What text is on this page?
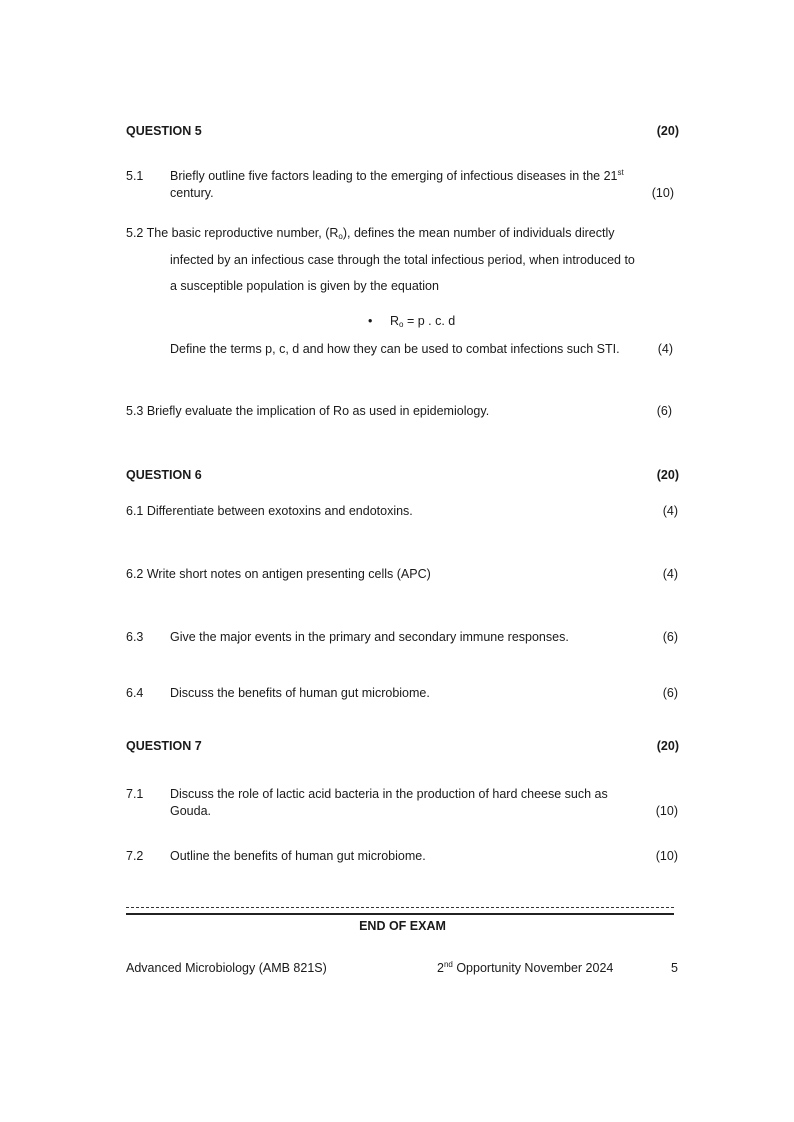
QUESTION 5	(20)
5.1 Briefly outline five factors leading to the emerging of infectious diseases in the 21st
century.	(10)
5.2 The basic reproductive number, $(R_o)$, defines the mean number of individuals directly
infected by an infectious case through the total infectious period, when introduced to
a susceptible population is given by the equation
• $R_o = p$ . c. d
Define the terms p, c, d and how they can be used to combat infections such STI.	(4)
5.3 Briefly evaluate the implication of Ro as used in epidemiology.	(6)
QUESTION 6	(20)
6.1 Differentiate between exotoxins and endotoxins.	(4)
6.2 Write short notes on antigen presenting cells (APC)	(4)
6.3 Give the major events in the primary and secondary immune responses.	(6)
6.4 Discuss the benefits of human gut microbiome.	(6)
QUESTION 7	(20)
7.1 Discuss the role of lactic acid bacteria in the production of hard cheese such as
Gouda.	(10)
7.2 Outline the benefits of human gut microbiome.	(10)
END OF EXAM
Advanced Microbiology (AMB 821S)	2nd Opportunity November 2024	5
